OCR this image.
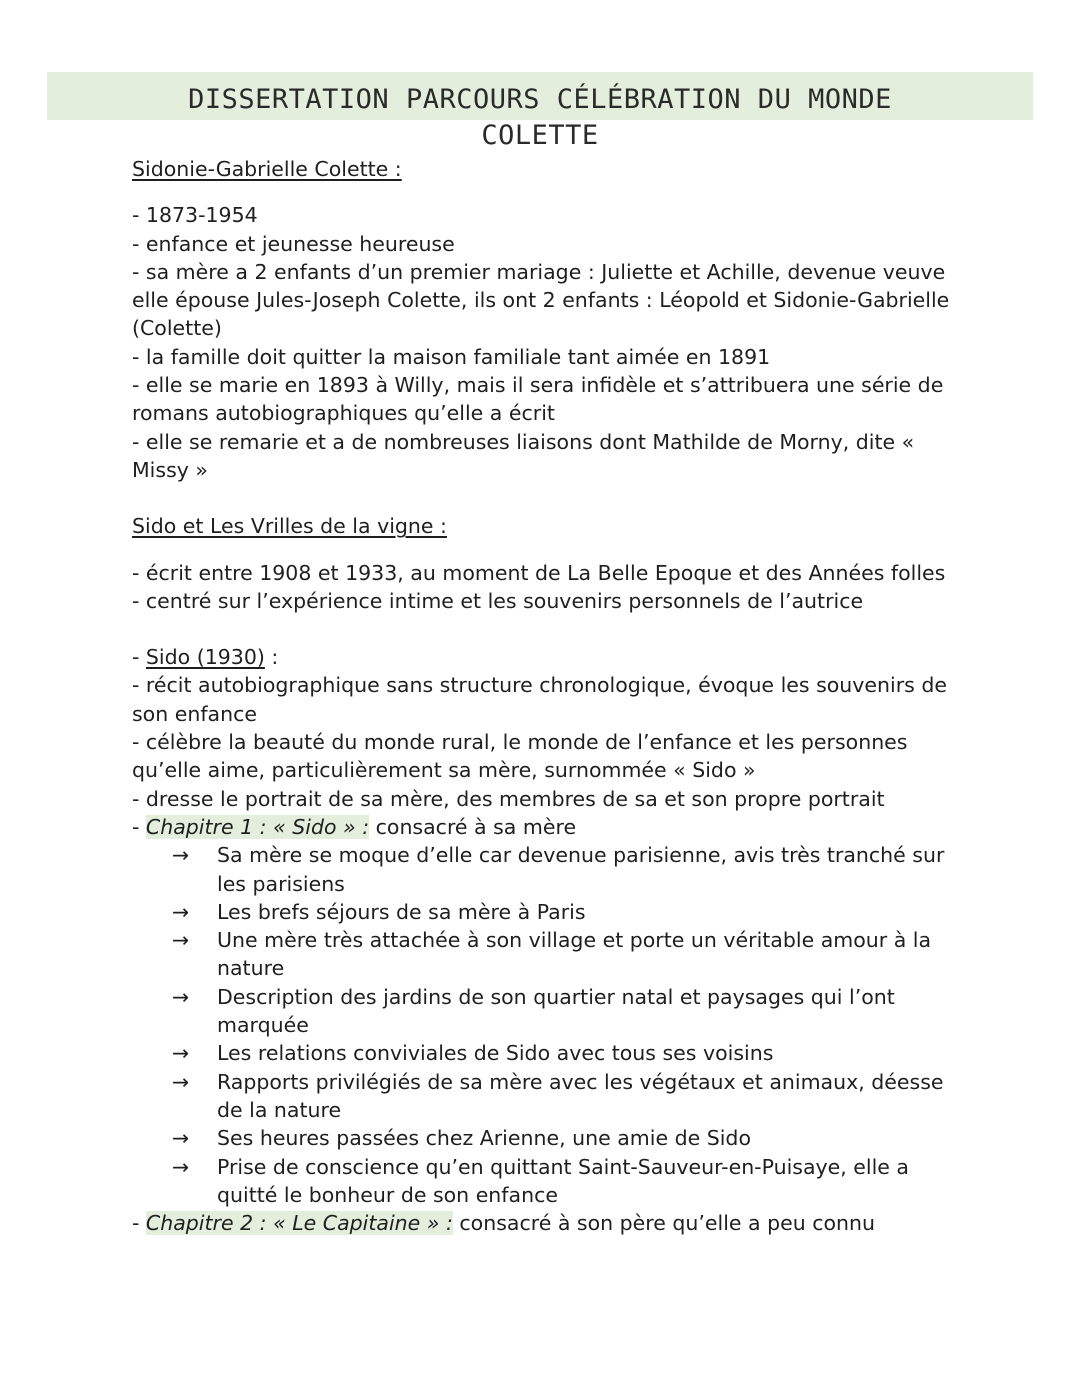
DISSERTATION PARCOURS CÉLÉBRATION DU MONDE
COLETTE
Sidonie-Gabrielle Colette :
- 1873-1954
- enfance et jeunesse heureuse
- sa mère a 2 enfants d’un premier mariage : Juliette et Achille, devenue veuve elle épouse Jules-Joseph Colette, ils ont 2 enfants : Léopold et Sidonie-Gabrielle (Colette)
- la famille doit quitter la maison familiale tant aimée en 1891
- elle se marie en 1893 à Willy, mais il sera infidèle et s’attribuera une série de romans autobiographiques qu’elle a écrit
- elle se remarie et a de nombreuses liaisons dont Mathilde de Morny, dite « Missy »
Sido et Les Vrilles de la vigne :
- écrit entre 1908 et 1933, au moment de La Belle Epoque et des Années folles
- centré sur l’expérience intime et les souvenirs personnels de l’autrice
- Sido (1930) :
- récit autobiographique sans structure chronologique, évoque les souvenirs de son enfance
- célèbre la beauté du monde rural, le monde de l’enfance et les personnes qu’elle aime, particulièrement sa mère, surnommée « Sido »
- dresse le portrait de sa mère, des membres de sa et son propre portrait
- Chapitre 1 : « Sido » : consacré à sa mère
→ Sa mère se moque d’elle car devenue parisienne, avis très tranché sur les parisiens
→ Les brefs séjours de sa mère à Paris
→ Une mère très attachée à son village et porte un véritable amour à la nature
→ Description des jardins de son quartier natal et paysages qui l’ont marquée
→ Les relations conviviales de Sido avec tous ses voisins
→ Rapports privilégiés de sa mère avec les végétaux et animaux, déesse de la nature
→ Ses heures passées chez Arienne, une amie de Sido
→ Prise de conscience qu’en quittant Saint-Sauveur-en-Puisaye, elle a quitté le bonheur de son enfance
- Chapitre 2 : « Le Capitaine » : consacré à son père qu’elle a peu connu
